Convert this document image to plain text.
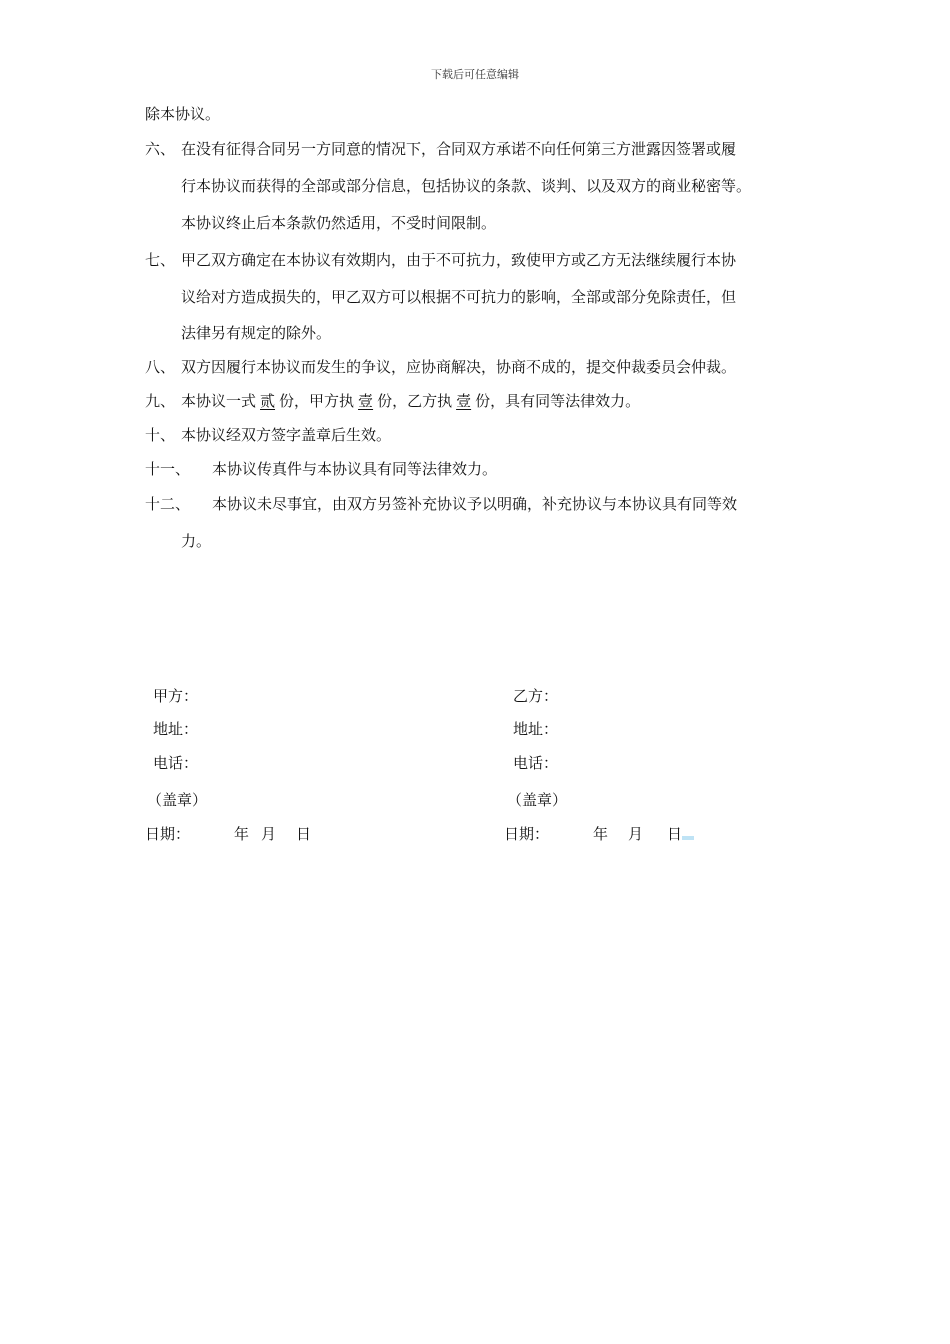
下载后可任意编辑
除本协议。
六、 在没有征得合同另一方同意的情况下，合同双方承诺不向任何第三方泄露因签署或履
行本协议而获得的全部或部分信息，包括协议的条款、谈判、以及双方的商业秘密等。
本协议终止后本条款仍然适用，不受时间限制。
七、 甲乙双方确定在本协议有效期内，由于不可抗力，致使甲方或乙方无法继续履行本协
议给对方造成损失的，甲乙双方可以根据不可抗力的影响，全部或部分免除责任，但
法律另有规定的除外。
八、 双方因履行本协议而发生的争议，应协商解决，协商不成的，提交仲裁委员会仲裁。
九、 本协议一式 贰 份，甲方执 壹 份，乙方执 壹 份，具有同等法律效力。
十、 本协议经双方签字盖章后生效。
十一、 本协议传真件与本协议具有同等法律效力。
十二、 本协议未尽事宜，由双方另签补充协议予以明确，补充协议与本协议具有同等效
力。
甲方：	乙方：
地址：	地址：
电话：	电话：
（盖章）	（盖章）
日期：	年 月 日	日期：	年 月 日
